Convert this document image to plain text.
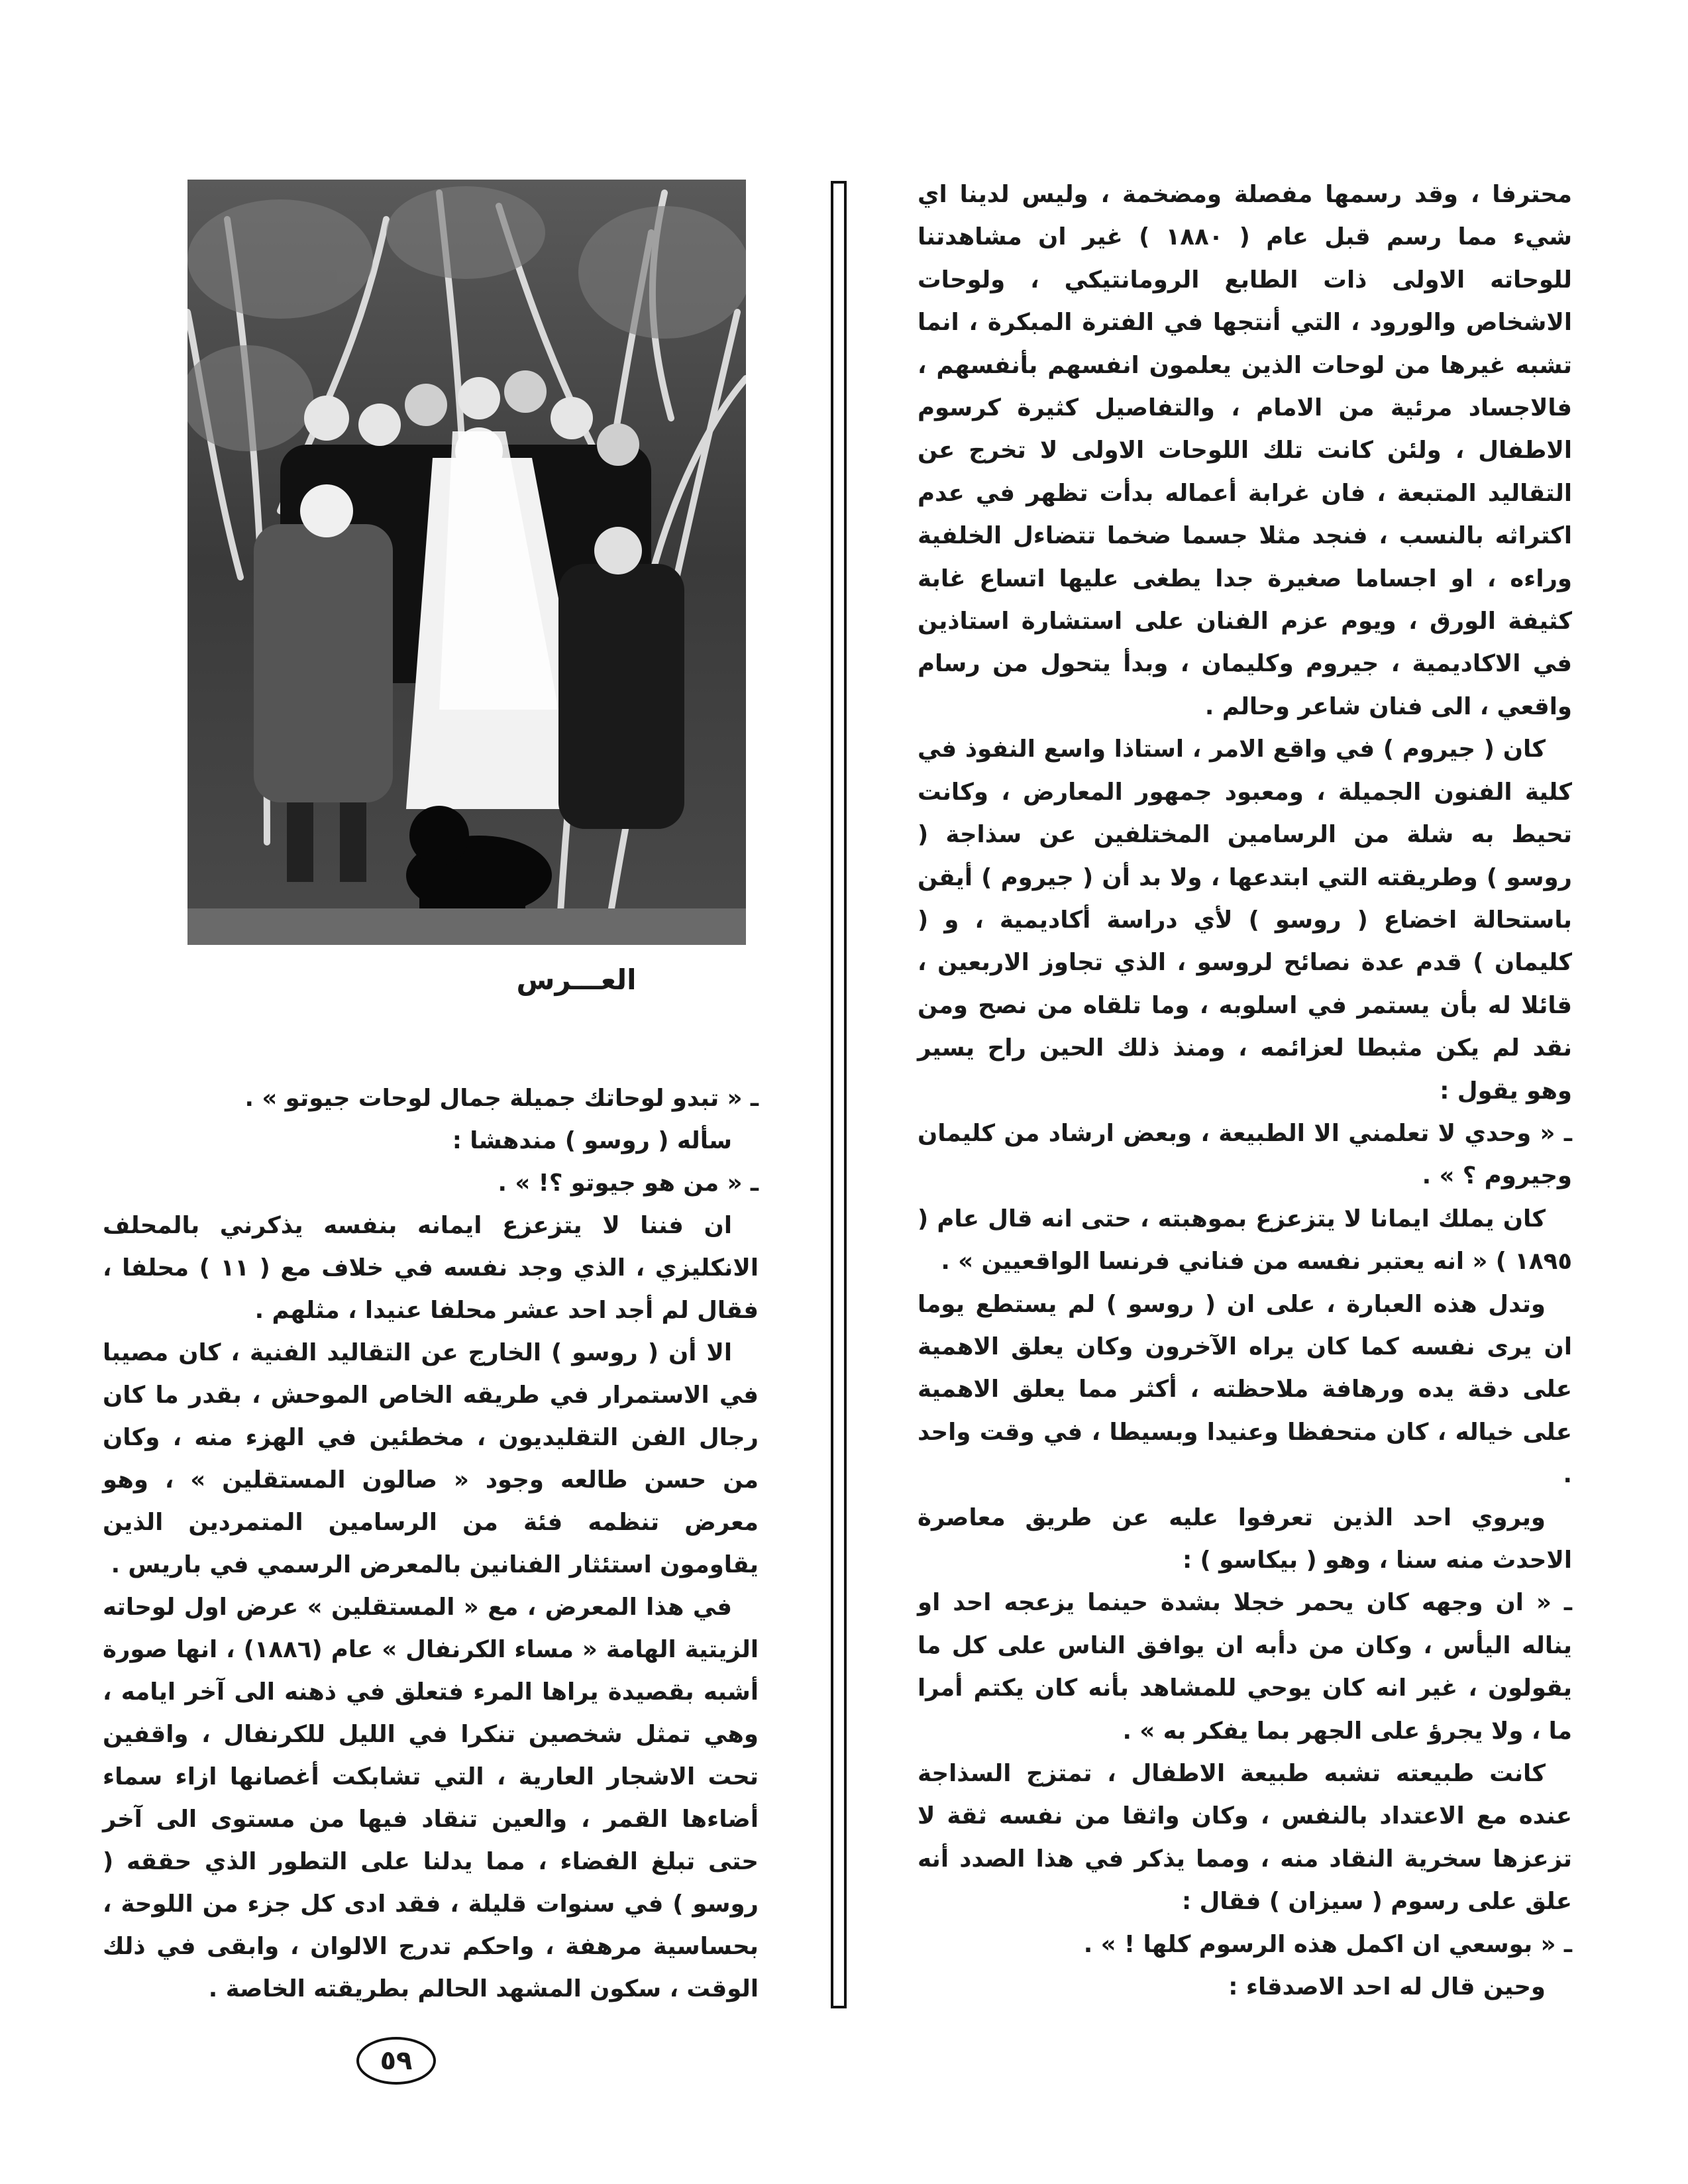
محترفا ، وقد رسمها مفصلة ومضخمة ، وليس لدينا اي شيء مما رسم قبل عام ( ١٨٨٠ ) غير ان مشاهدتنا للوحاته الاولى ذات الطابع الرومانتيكي ، ولوحات الاشخاص والورود ، التي أنتجها في الفترة المبكرة ، انما تشبه غيرها من لوحات الذين يعلمون انفسهم بأنفسهم ، فالاجساد مرئية من الامام ، والتفاصيل كثيرة كرسوم الاطفال ، ولئن كانت تلك اللوحات الاولى لا تخرج عن التقاليد المتبعة ، فان غرابة أعماله بدأت تظهر في عدم اكتراثه بالنسب ، فنجد مثلا جسما ضخما تتضاءل الخلفية وراءه ، او اجساما صغيرة جدا يطغى عليها اتساع غابة كثيفة الورق ، ويوم عزم الفنان على استشارة استاذين في الاكاديمية ، جيروم وكليمان ، وبدأ يتحول من رسام واقعي ، الى فنان شاعر وحالم .

كان ( جيروم ) في واقع الامر ، استاذا واسع النفوذ في كلية الفنون الجميلة ، ومعبود جمهور المعارض ، وكانت تحيط به شلة من الرسامين المختلفين عن سذاجة ( روسو ) وطريقته التي ابتدعها ، ولا بد أن ( جيروم ) أيقن باستحالة اخضاع ( روسو ) لأي دراسة أكاديمية ، و ( كليمان ) قدم عدة نصائح لروسو ، الذي تجاوز الاربعين ، قائلا له بأن يستمر في اسلوبه ، وما تلقاه من نصح ومن نقد لم يكن مثبطا لعزائمه ، ومنذ ذلك الحين راح يسير وهو يقول :

ـ « وحدي لا تعلمني الا الطبيعة ، وبعض ارشاد من كليمان وجيروم ؟ » .

كان يملك ايمانا لا يتزعزع بموهبته ، حتى انه قال عام ( ١٨٩٥ ) « انه يعتبر نفسه من فناني فرنسا الواقعيين » .

وتدل هذه العبارة ، على ان ( روسو ) لم يستطع يوما ان يرى نفسه كما كان يراه الآخرون وكان يعلق الاهمية على دقة يده ورهافة ملاحظته ، أكثر مما يعلق الاهمية على خياله ، كان متحفظا وعنيدا وبسيطا ، في وقت واحد .

ويروي احد الذين تعرفوا عليه عن طريق معاصرة الاحدث منه سنا ، وهو ( بيكاسو ) :

ـ « ان وجهه كان يحمر خجلا بشدة حينما يزعجه احد او يناله اليأس ، وكان من دأبه ان يوافق الناس على كل ما يقولون ، غير انه كان يوحي للمشاهد بأنه كان يكتم أمرا ما ، ولا يجرؤ على الجهر بما يفكر به » .

كانت طبيعته تشبه طبيعة الاطفال ، تمتزج السذاجة عنده مع الاعتداد بالنفس ، وكان واثقا من نفسه ثقة لا تزعزها سخرية النقاد منه ، ومما يذكر في هذا الصدد أنه علق على رسوم ( سيزان ) فقال :

ـ « بوسعي ان اكمل هذه الرسوم كلها ! » .

وحين قال له احد الاصدقاء :

العـــرس

ـ « تبدو لوحاتك جميلة جمال لوحات جيوتو » .

سأله ( روسو ) مندهشا :

ـ « من هو جيوتو ؟! » .

ان فننا لا يتزعزع ايمانه بنفسه يذكرني بالمحلف الانكليزي ، الذي وجد نفسه في خلاف مع ( ١١ ) محلفا ، فقال لم أجد احد عشر محلفا عنيدا ، مثلهم .

الا أن ( روسو ) الخارج عن التقاليد الفنية ، كان مصيبا في الاستمرار في طريقه الخاص الموحش ، بقدر ما كان رجال الفن التقليديون ، مخطئين في الهزء منه ، وكان من حسن طالعه وجود « صالون المستقلين » ، وهو معرض تنظمه فئة من الرسامين المتمردين الذين يقاومون استئثار الفنانين بالمعرض الرسمي في باريس .

في هذا المعرض ، مع « المستقلين » عرض اول لوحاته الزيتية الهامة « مساء الكرنفال » عام (١٨٨٦) ، انها صورة أشبه بقصيدة يراها المرء فتعلق في ذهنه الى آخر ايامه ، وهي تمثل شخصين تنكرا في الليل للكرنفال ، واقفين تحت الاشجار العارية ، التي تشابكت أغصانها ازاء سماء أضاءها القمر ، والعين تنقاد فيها من مستوى الى آخر حتى تبلغ الفضاء ، مما يدلنا على التطور الذي حققه ( روسو ) في سنوات قليلة ، فقد ادى كل جزء من اللوحة ، بحساسية مرهفة ، واحكم تدرج الالوان ، وابقى في ذلك الوقت ، سكون المشهد الحالم بطريقته الخاصة .

٥٩
